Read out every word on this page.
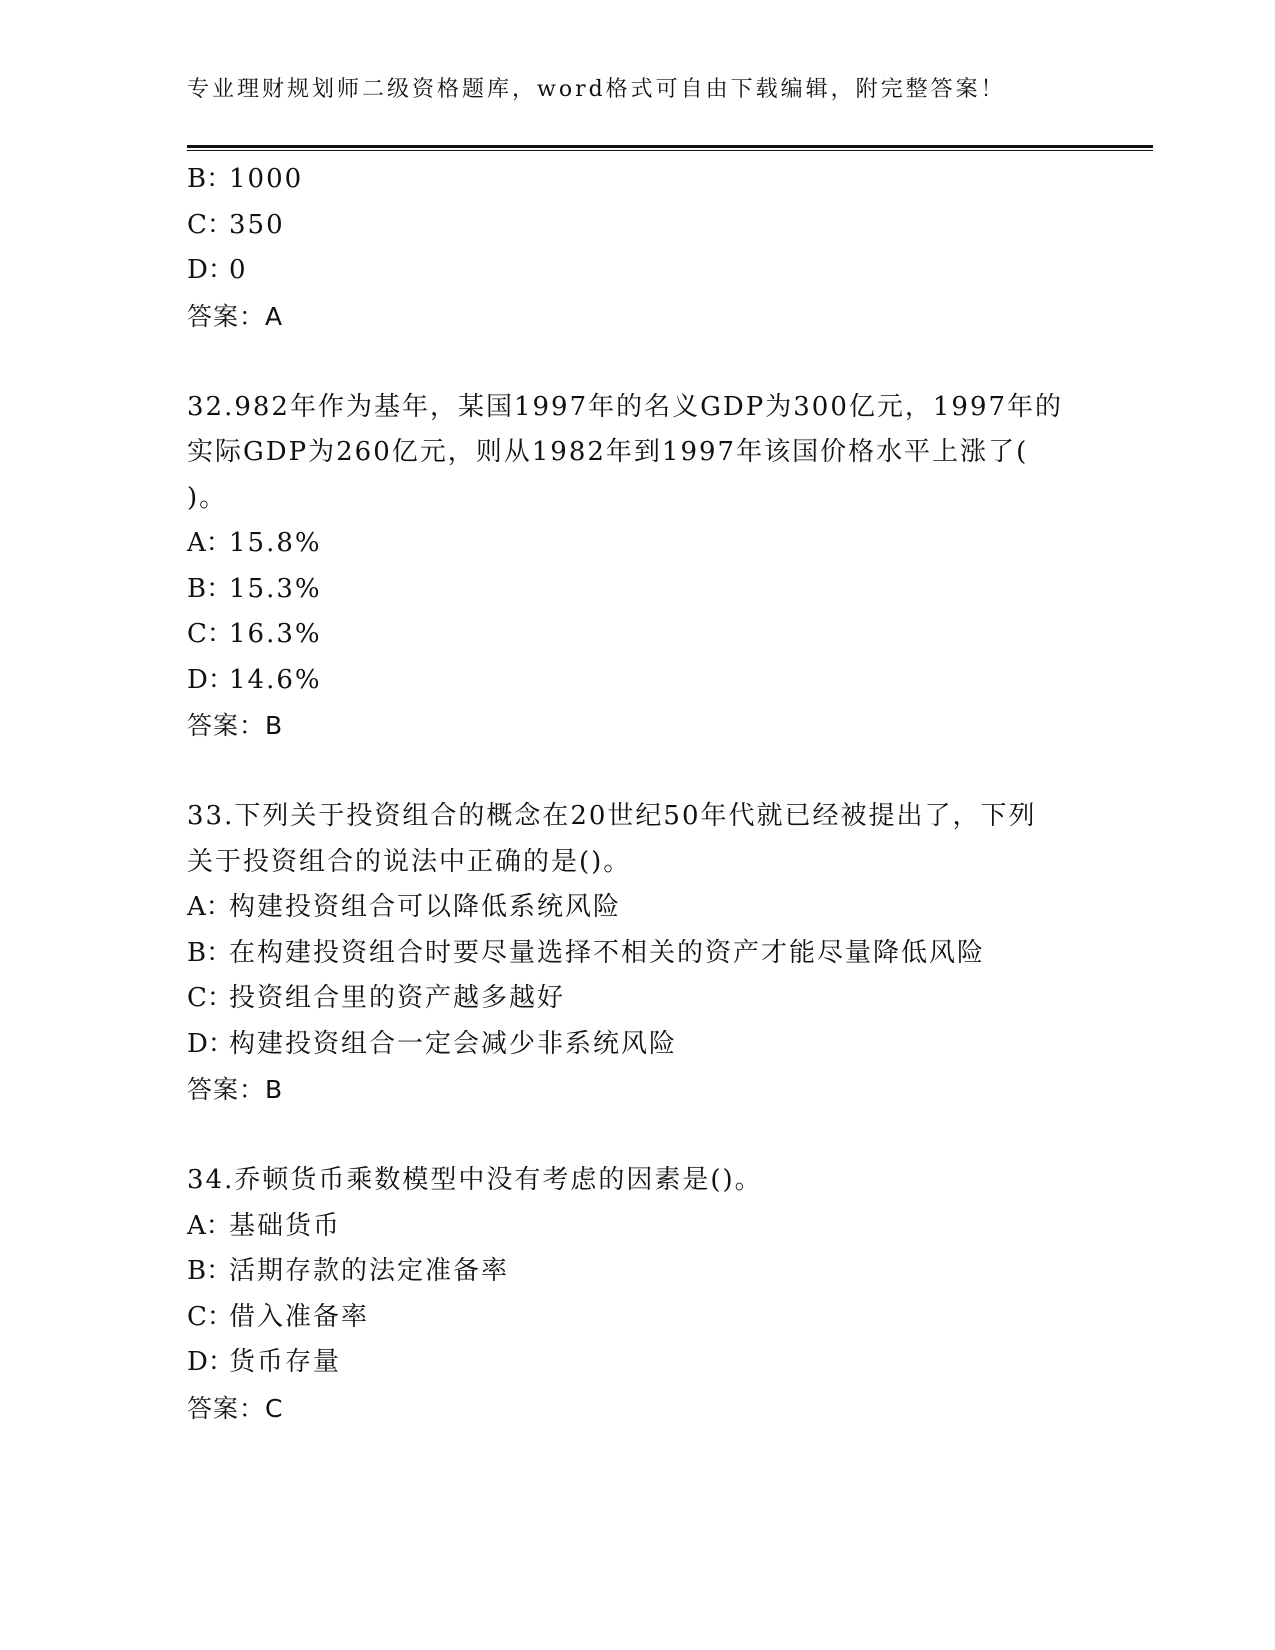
专业理财规划师二级资格题库，word格式可自由下载编辑，附完整答案！
B：1000
C：350
D：0
答案：A
32.982年作为基年，某国1997年的名义GDP为300亿元，1997年的
实际GDP为260亿元，则从1982年到1997年该国价格水平上涨了(
)。
A：15.8%
B：15.3%
C：16.3%
D：14.6%
答案：B
33.下列关于投资组合的概念在20世纪50年代就已经被提出了，下列
关于投资组合的说法中正确的是()。
A：构建投资组合可以降低系统风险
B：在构建投资组合时要尽量选择不相关的资产才能尽量降低风险
C：投资组合里的资产越多越好
D：构建投资组合一定会减少非系统风险
答案：B
34.乔顿货币乘数模型中没有考虑的因素是()。
A：基础货币
B：活期存款的法定准备率
C：借入准备率
D：货币存量
答案：C
